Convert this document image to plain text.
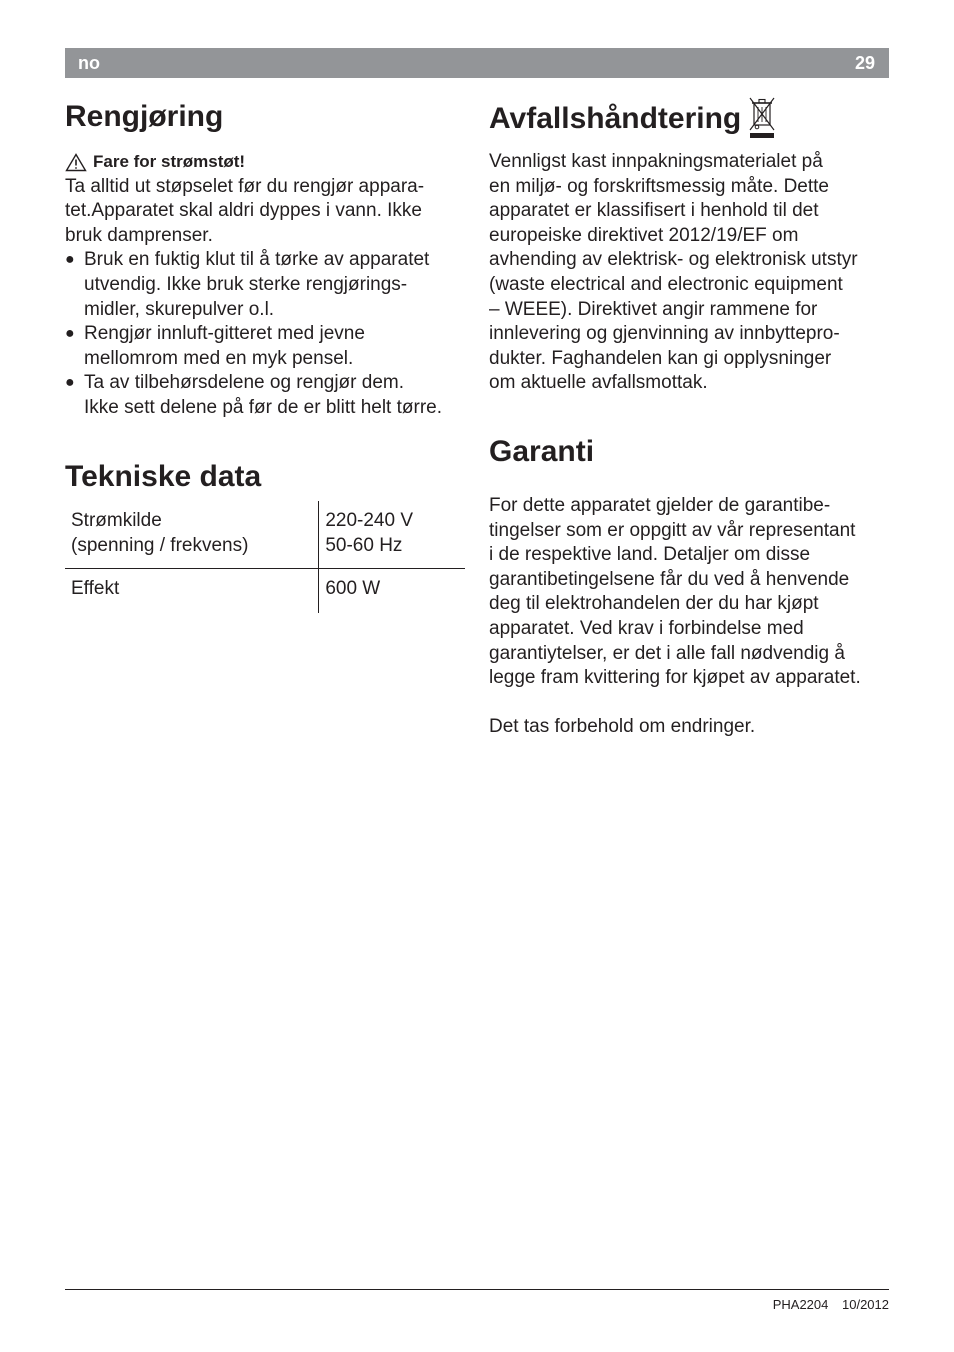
no	29
Rengjøring
Fare for strømstøt!

Ta alltid ut støpselet før du rengjør appara-
tet.Apparatet skal aldri dyppes i vann. Ikke
bruk damprenser.

● Bruk en fuktig klut til å tørke av apparatet
utvendig. Ikke bruk sterke rengjørings-
midler, skurepulver o.l.
● Rengjør innluft-gitteret med jevne
mellomrom med en myk pensel.
● Ta av tilbehørsdelene og rengjør dem.
Ikke sett delene på før de er blitt helt tørre.
Tekniske data
Strømkilde
(spenning / frekvens)	220-240 V
50-60 Hz
Effekt	600 W
Avfallshåndtering

Vennligst kast innpakningsmaterialet på
en miljø- og forskriftsmessig måte. Dette
apparatet er klassifisert i henhold til det
europeiske direktivet 2012/19/EF om
avhending av elektrisk- og elektronisk utstyr
(waste electrical and electronic equipment
– WEEE). Direktivet angir rammene for
innlevering og gjenvinning av innbyttepro-
dukter. Faghandelen kan gi opplysninger
om aktuelle avfallsmottak.

Garanti

For dette apparatet gjelder de garantibe-
tingelser som er oppgitt av vår representant
i de respektive land. Detaljer om disse
garantibetingelsene får du ved å henvende
deg til elektrohandelen der du har kjøpt
apparatet. Ved krav i forbindelse med
garantiytelser, er det i alle fall nødvendig å
legge fram kvittering for kjøpet av apparatet.

Det tas forbehold om endringer.

PHA2204 10/2012
